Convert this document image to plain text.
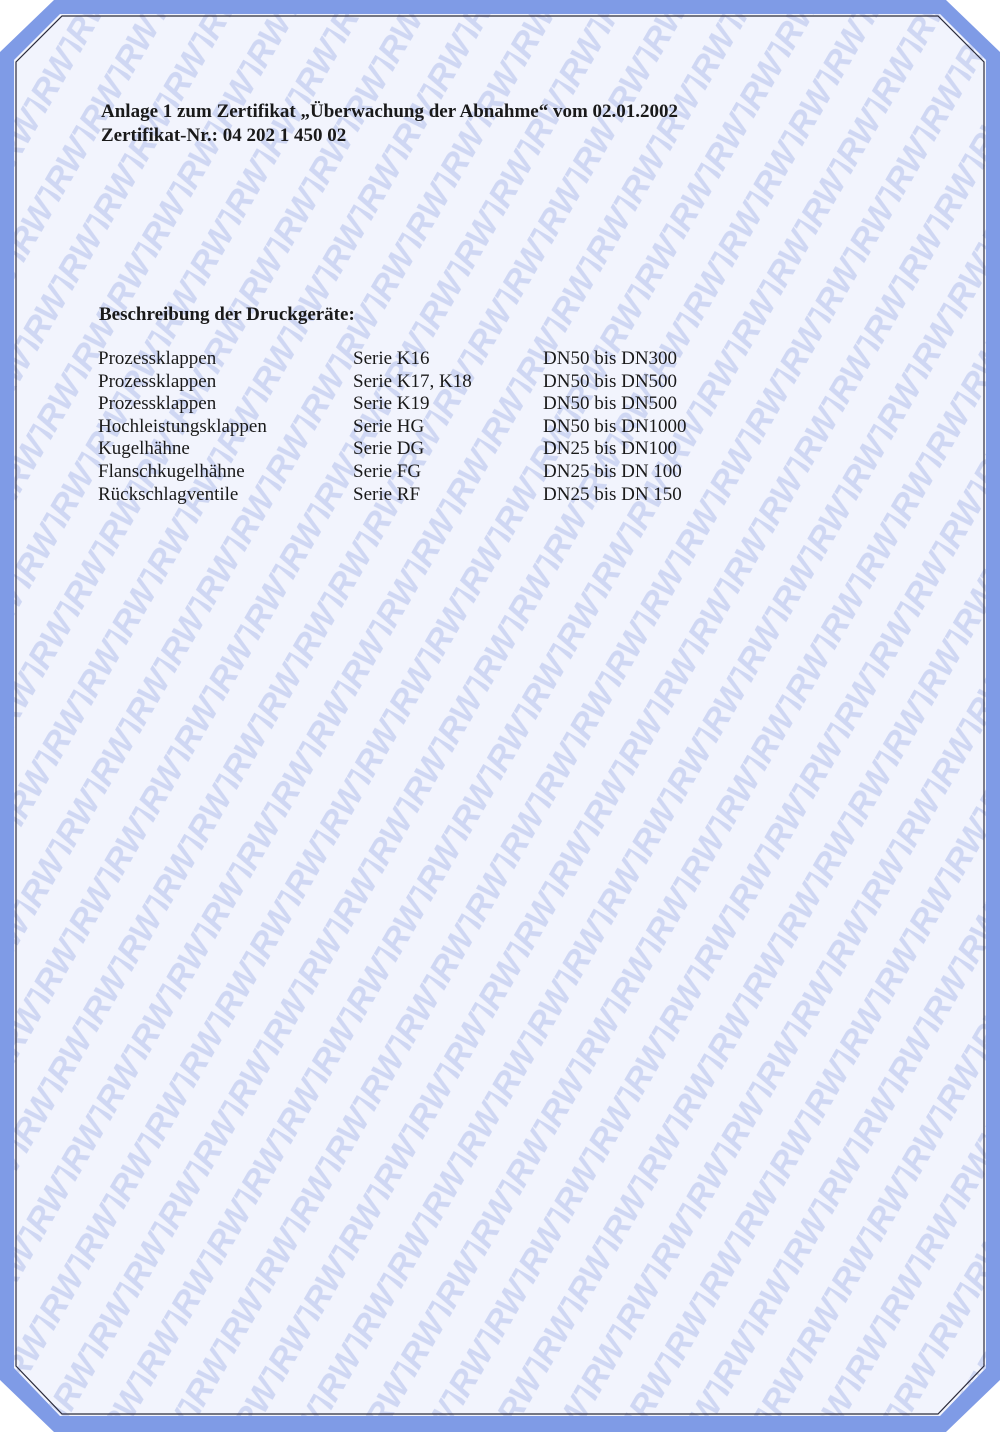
Anlage 1 zum Zertifikat „Überwachung der Abnahme“ vom 02.01.2002
Zertifikat-Nr.: 04 202 1 450 02
Beschreibung der Druckgeräte:
Prozessklappen	Serie K16	DN50 bis DN300
Prozessklappen	Serie K17, K18	DN50 bis DN500
Prozessklappen	Serie K19	DN50 bis DN500
Hochleistungsklappen	Serie HG	DN50 bis DN1000
Kugelhähne	Serie DG	DN25 bis DN100
Flanschkugelhähne	Serie FG	DN25 bis DN 100
Rückschlagventile	Serie RF	DN25 bis DN 150
